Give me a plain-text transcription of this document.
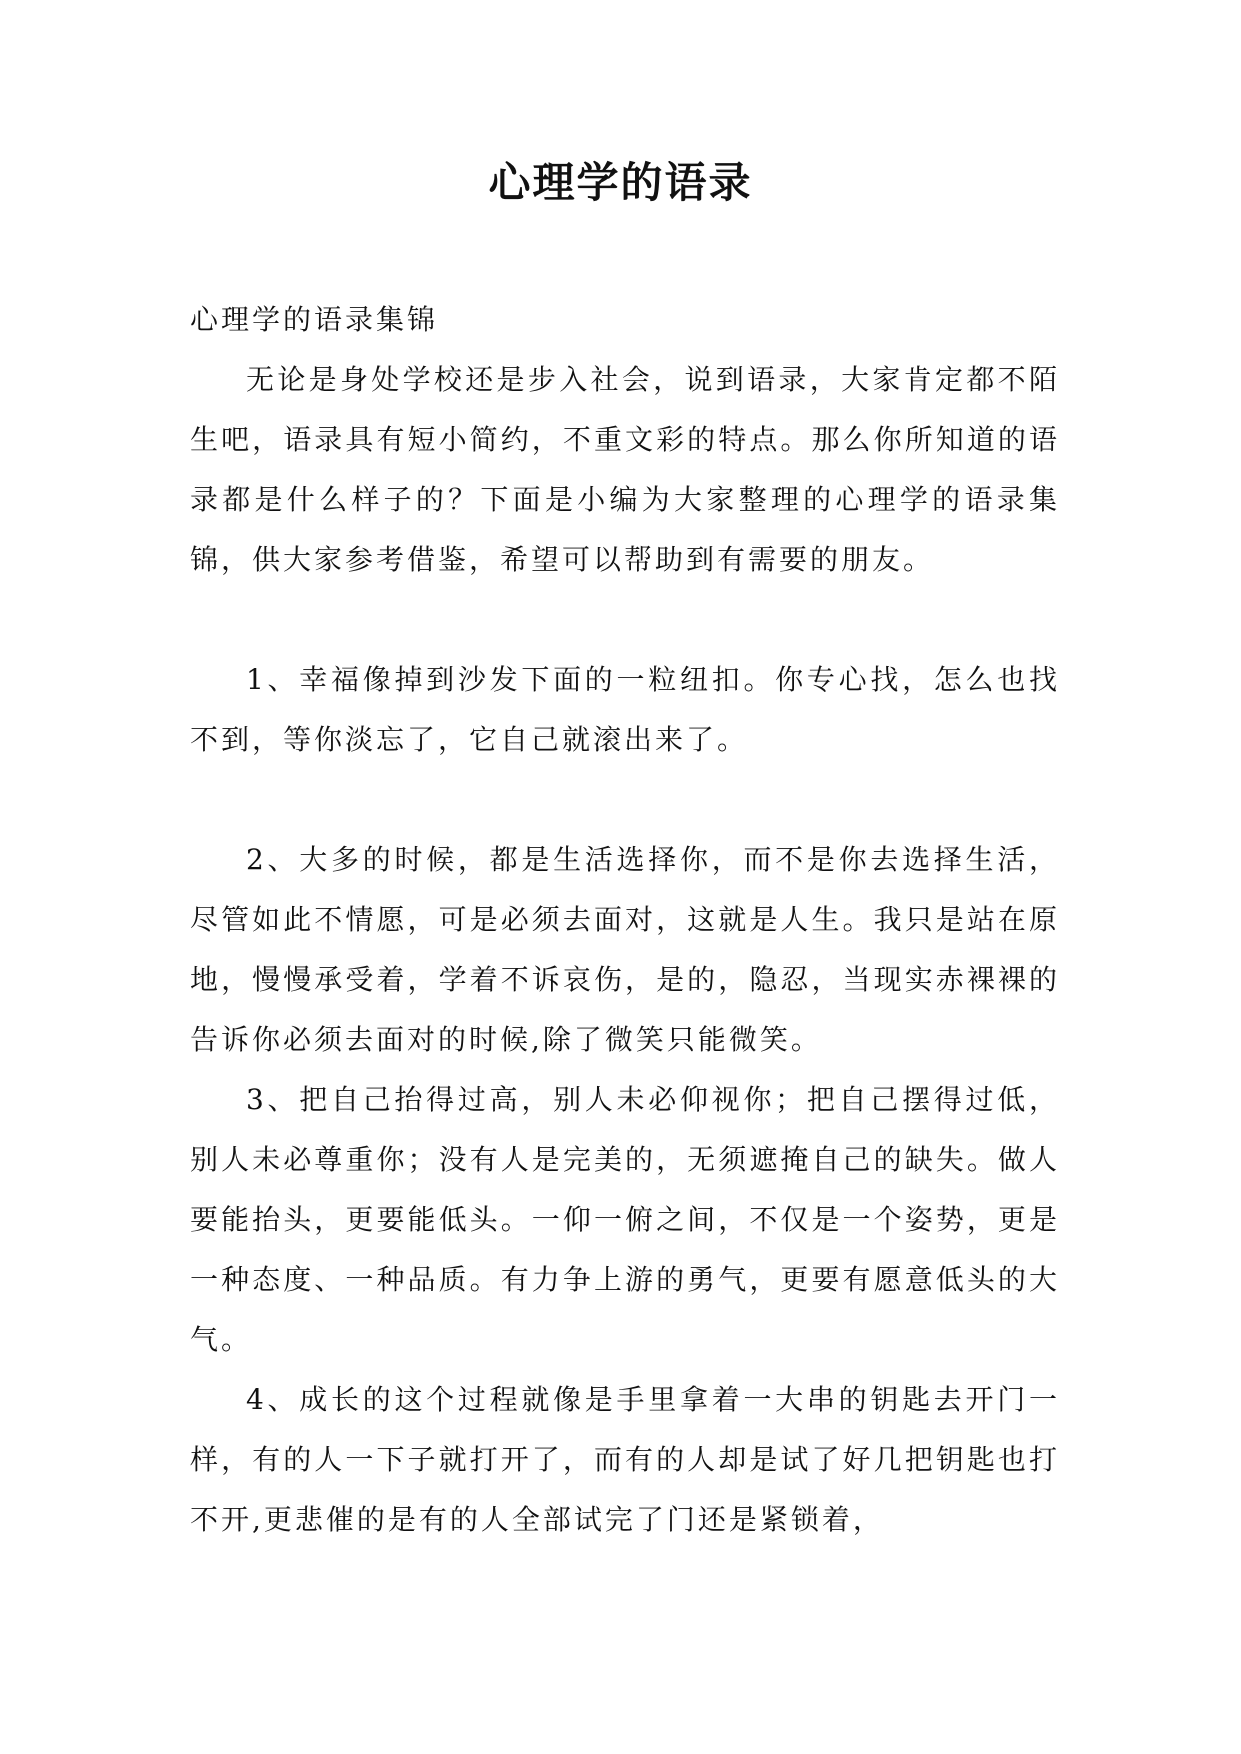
心理学的语录

心理学的语录集锦

无论是身处学校还是步入社会，说到语录，大家肯定都不陌生吧，语录具有短小简约，不重文彩的特点。那么你所知道的语录都是什么样子的？下面是小编为大家整理的心理学的语录集锦，供大家参考借鉴，希望可以帮助到有需要的朋友。

1、幸福像掉到沙发下面的一粒纽扣。你专心找，怎么也找不到，等你淡忘了，它自己就滚出来了。

2、大多的时候，都是生活选择你，而不是你去选择生活，尽管如此不情愿，可是必须去面对，这就是人生。我只是站在原地，慢慢承受着，学着不诉哀伤，是的，隐忍，当现实赤裸裸的告诉你必须去面对的时候,除了微笑只能微笑。

3、把自己抬得过高，别人未必仰视你；把自己摆得过低，别人未必尊重你；没有人是完美的，无须遮掩自己的缺失。做人要能抬头，更要能低头。一仰一俯之间，不仅是一个姿势，更是一种态度、一种品质。有力争上游的勇气，更要有愿意低头的大气。

4、成长的这个过程就像是手里拿着一大串的钥匙去开门一样，有的人一下子就打开了，而有的人却是试了好几把钥匙也打不开,更悲催的是有的人全部试完了门还是紧锁着，
